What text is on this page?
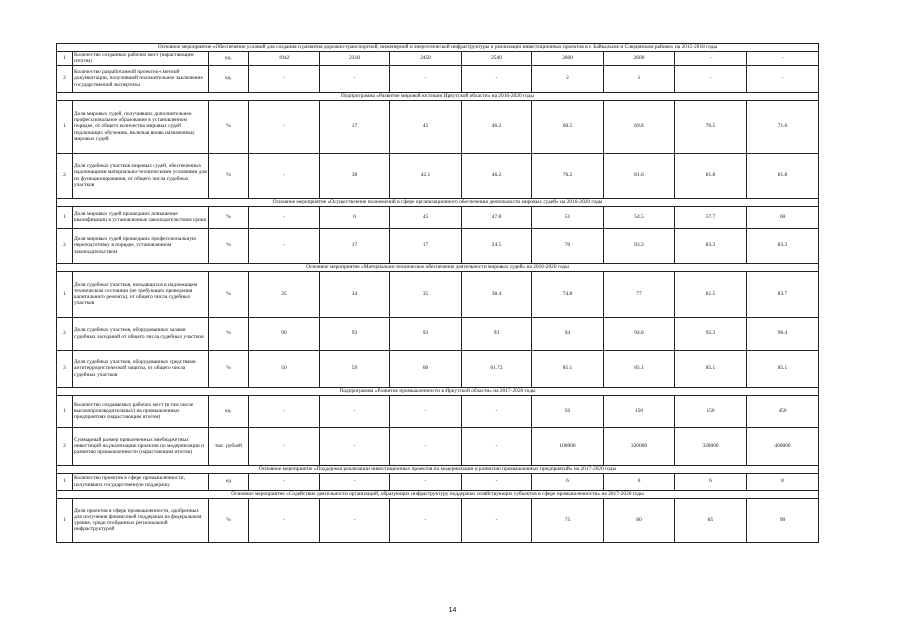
Основное мероприятие «Обеспечение условий для создания и развития дорожно-транспортной, инженерной и энергетической инфраструктуры и реализации инвестиционных проектов в г. Байкальске и Слюдянском районе» на 2015-2018 годы										
1	Количество созданных рабочих мест (нарастающим итогом)	ед.	1942	2318	2450	2540	2600	2600	-	-
2	Количество разработанной проектно-сметной документации, получившей положительное заключение государственной экспертизы	ед.	-	-	-	-	2	1	-	-
Подпрограмма «Развитие мировой юстиции Иркутской области» на 2016-2020 годы										
1	Доля мировых судей, получивших дополнительное профессиональное образование в установленном порядке, от общего количества мировых судей подлежащих обучению, включая вновь назначенных мировых судей	%	-	17	45	46.2	60.5	69.8	70.5	71.6
2	Доля судебных участков мировых судей, обеспеченных надлежащими материально-техническими условиями для их функционирования, от общего числа судебных участков	%	-	38	42.1	46.2	76.2	81.6	81.8	81.8
Основное мероприятие «Осуществление полномочий в сфере организационного обеспечения деятельности мировых судей» на 2016-2020 годы										
1	Доля мировых судей прошедших повышение квалификации в установленные законодательством сроки	%	-	0	45	47.8	51	54.5	57.7	60
2	Доля мировых судей прошедших профессиональную переподготовку в порядке, установленном законодательством	%	-	17	17	24.5	70	83.3	83.3	83.3
Основное мероприятие «Материально-техническое обеспечение деятельности мировых судей» на 2016-2020 годы										
1	Доля судебных участков, находящихся в надлежащем техническом состоянии (не требующих проведения капитального ремонта), от общего числа судебных участков	%	35	34	35	38.4	74.8	77	81.5	83.7
2	Доля судебных участков, оборудованных залами судебных заседаний от общего числа судебных участков	%	90	93	93	93	94	94.8	95.3	96.4
3	Доля судебных участков, оборудованных средствами антитеррористической защиты, от общего числа судебных участков	%	50	59	60	61.72	85.1	85.1	85.1	85.1
Подпрограмма «Развитие промышленности в Иркутской области» на 2017-2020 годы										
1	Количество создаваемых рабочих мест (в том числе высокопроизводительных) на промышленных предприятиях (нарастающим итогом)	ед.	-	-	-	-	50	150	150	450
2	Суммарный размер привлеченных внебюджетных инвестиций на реализацию проектов по модернизации и развитию промышленности (нарастающим итогом)	тыс. рублей	-	-	-	-	100000	320000	320000	400000
Основное мероприятие «Поддержка реализации инвестиционных проектов по модернизации и развитию промышленных предприятий» на 2017-2020 годы										
1	Количество проектов в сфере промышленности, получивших государственную поддержку	ед	-	-	-	-	6	6	6	8
Основное мероприятие «Содействие деятельности организаций, образующих инфраструктуру поддержки хозяйствующих субъектов в сфере промышленности» на 2017-2020 годы										
1	Доля проектов в сфере промышленности, одобренных для получения финансовой поддержки на федеральном уровне, среди отобранных региональной инфраструктурой	%	-	-	-	-	75	80	85	90
14
